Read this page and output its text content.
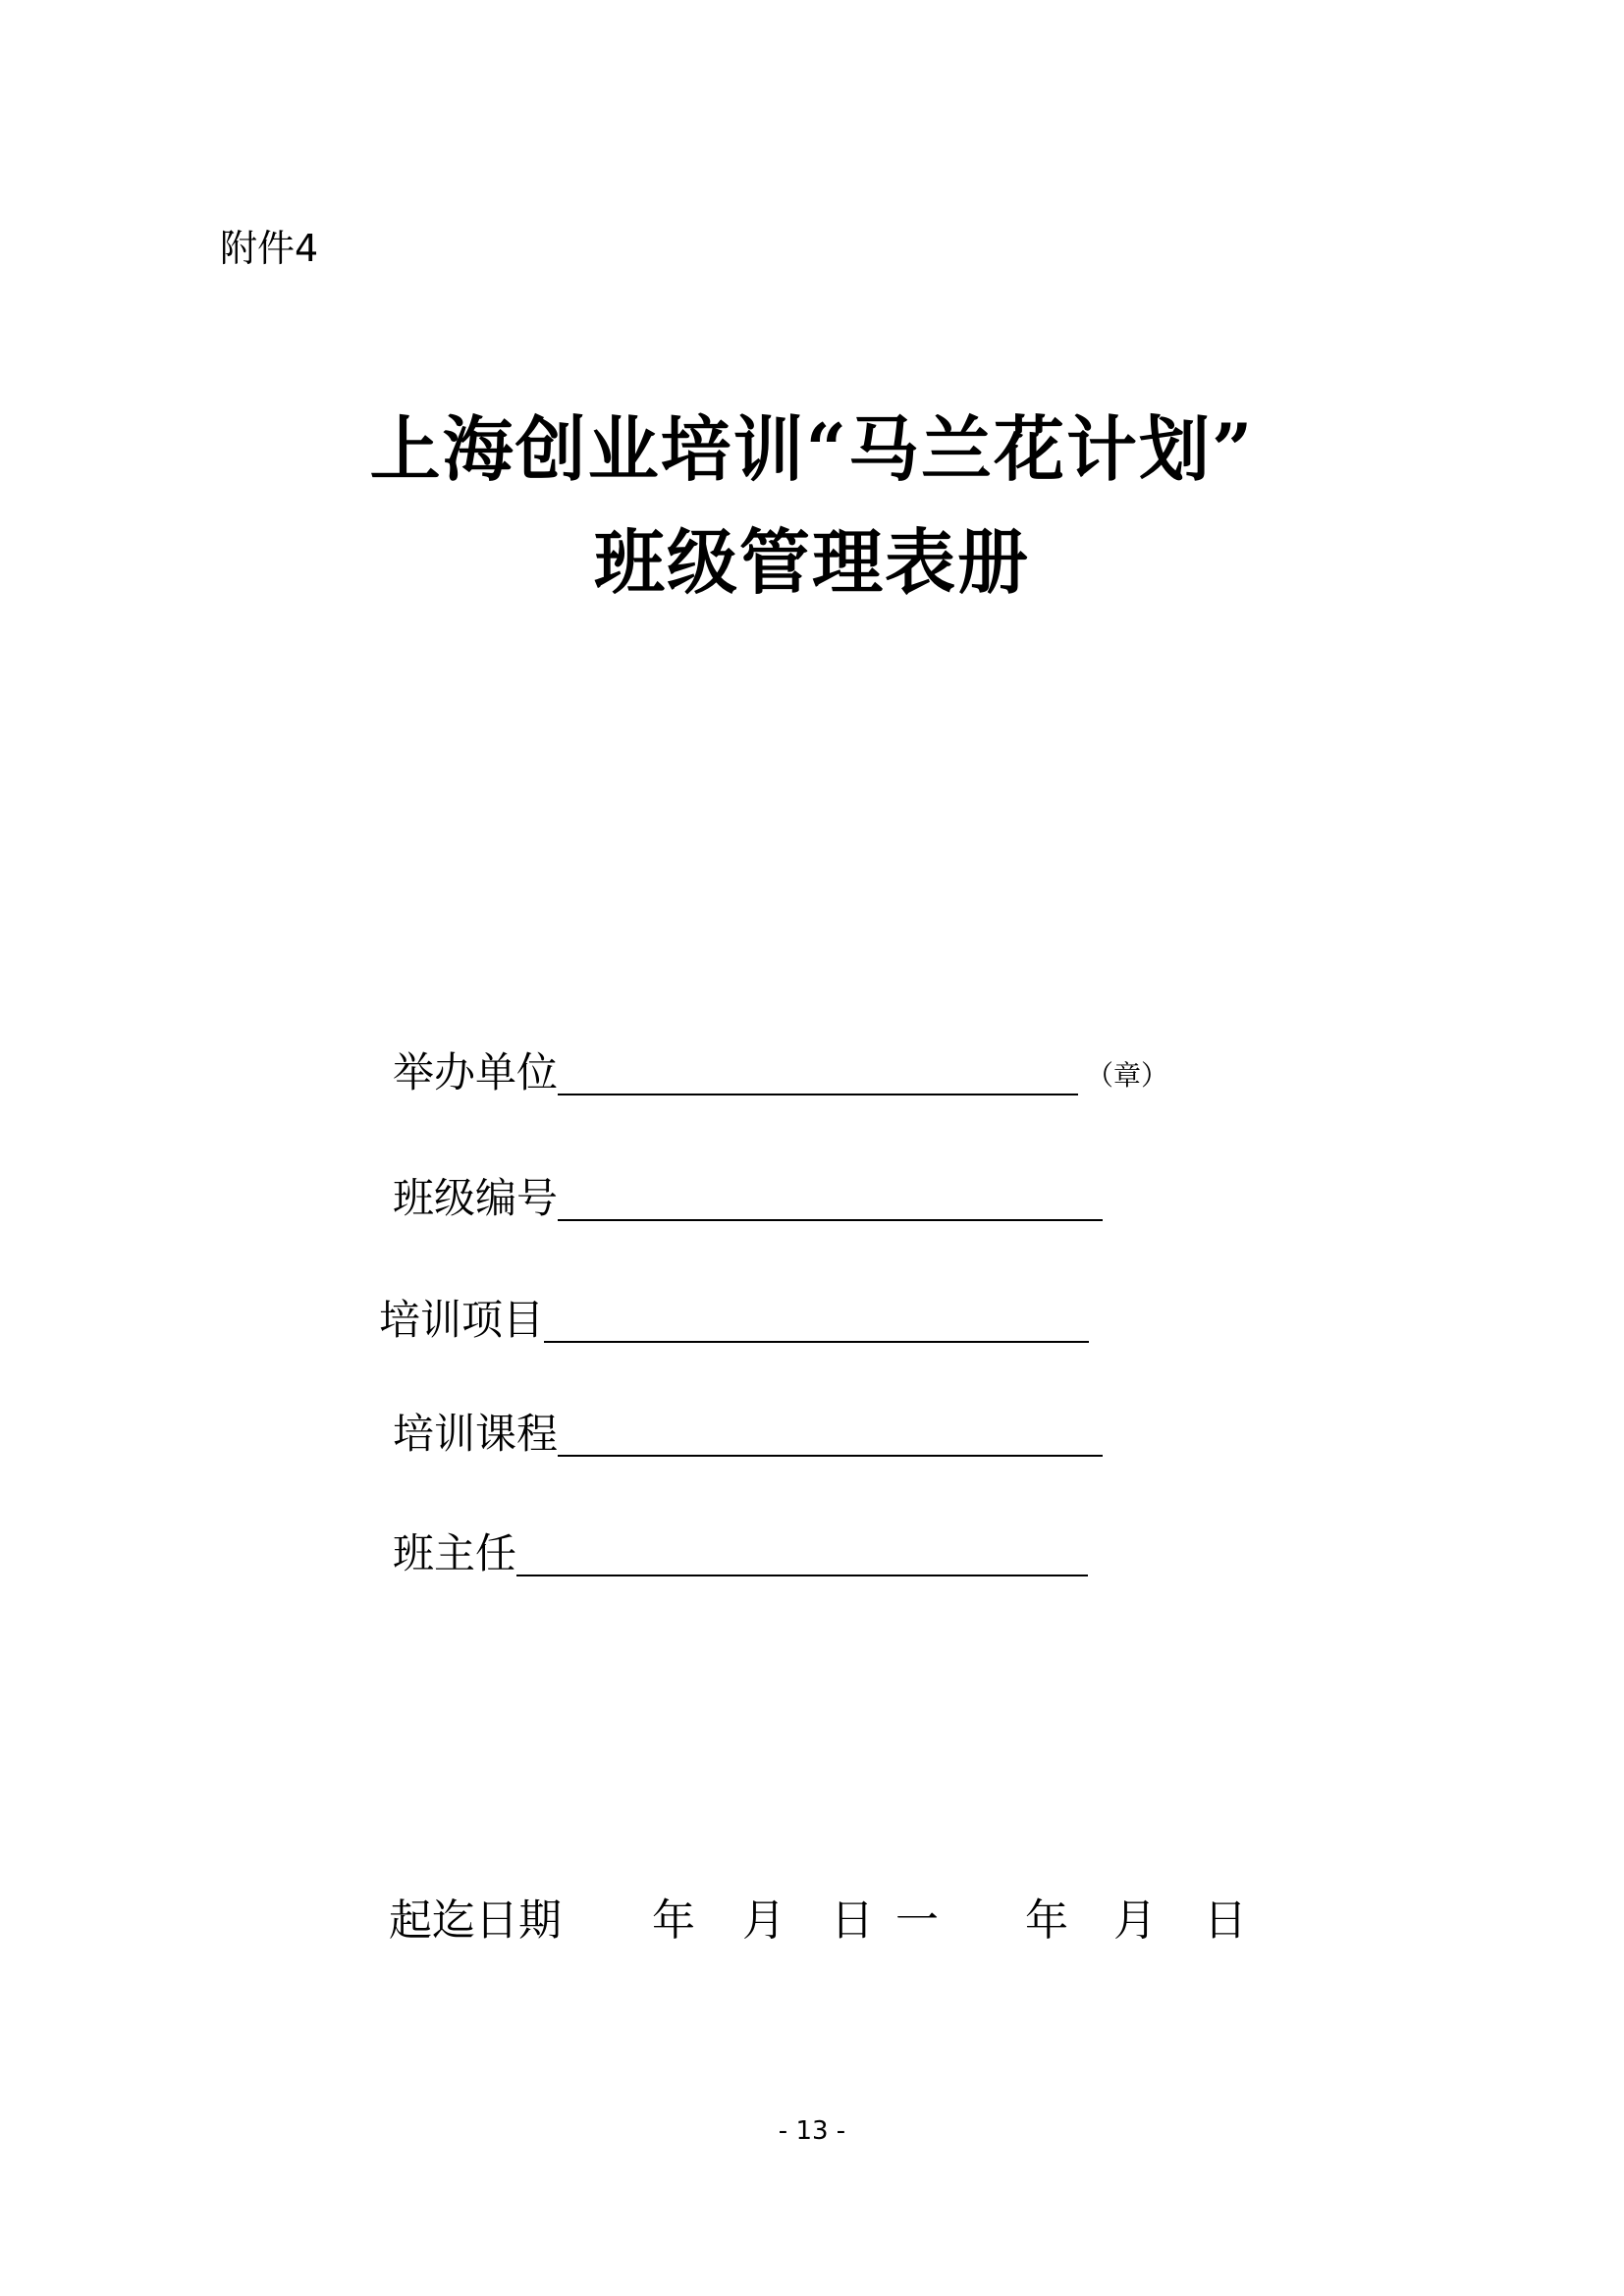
附件4
上海创业培训“马兰花计划”
班级管理表册
举办单位	（章）
班级编号
培训项目
培训课程
班主任
起迄日期 年 月 日 一 年 月 日
- 13 -
